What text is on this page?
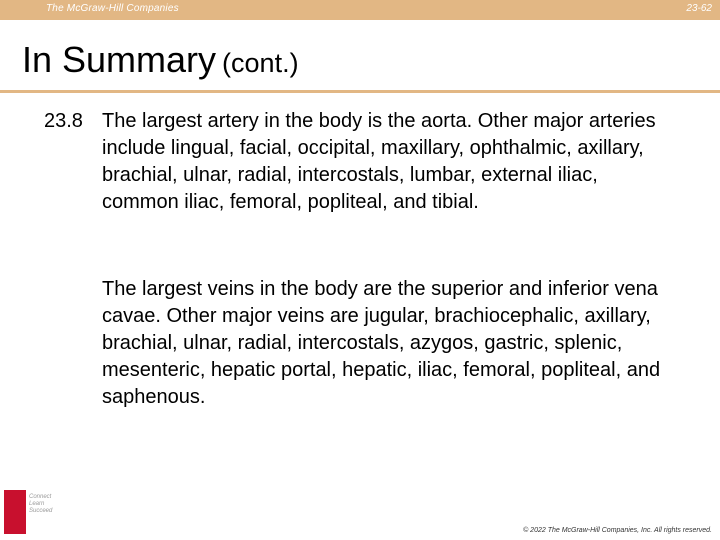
The McGraw-Hill Companies	23-62
In Summary (cont.)
23.8 The largest artery in the body is the aorta. Other major arteries include lingual, facial, occipital, maxillary, ophthalmic, axillary, brachial, ulnar, radial, intercostals, lumbar, external iliac, common iliac, femoral, popliteal, and tibial.

The largest veins in the body are the superior and inferior vena cavae. Other major veins are jugular, brachiocephalic, axillary, brachial, ulnar, radial, intercostals, azygos, gastric, splenic, mesenteric, hepatic portal, hepatic, iliac, femoral, popliteal, and saphenous.

Connect Learn Succeed
© 2022 The McGraw-Hill Companies, Inc. All rights reserved.
